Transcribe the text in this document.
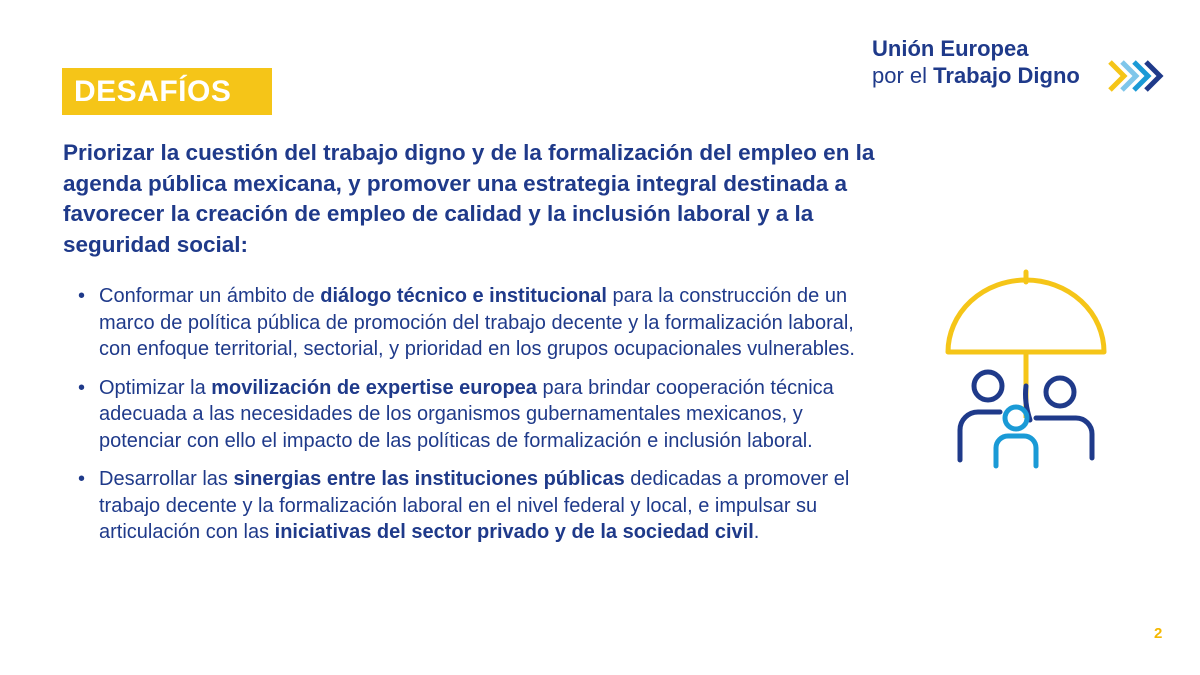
DESAFÍOS
Unión Europea
por el Trabajo Digno

Priorizar la cuestión del trabajo digno y de la formalización del empleo en la agenda pública mexicana, y promover una estrategia integral destinada a favorecer la creación de empleo de calidad y la inclusión laboral y a la seguridad social:

• Conformar un ámbito de diálogo técnico e institucional para la construcción de un marco de política pública de promoción del trabajo decente y la formalización laboral, con enfoque territorial, sectorial, y prioridad en los grupos ocupacionales vulnerables.
• Optimizar la movilización de expertise europea para brindar cooperación técnica adecuada a las necesidades de los organismos gubernamentales mexicanos, y potenciar con ello el impacto de las políticas de formalización e inclusión laboral.
• Desarrollar las sinergias entre las instituciones públicas dedicadas a promover el trabajo decente y la formalización laboral en el nivel federal y local, e impulsar su articulación con las iniciativas del sector privado y de la sociedad civil.
2
